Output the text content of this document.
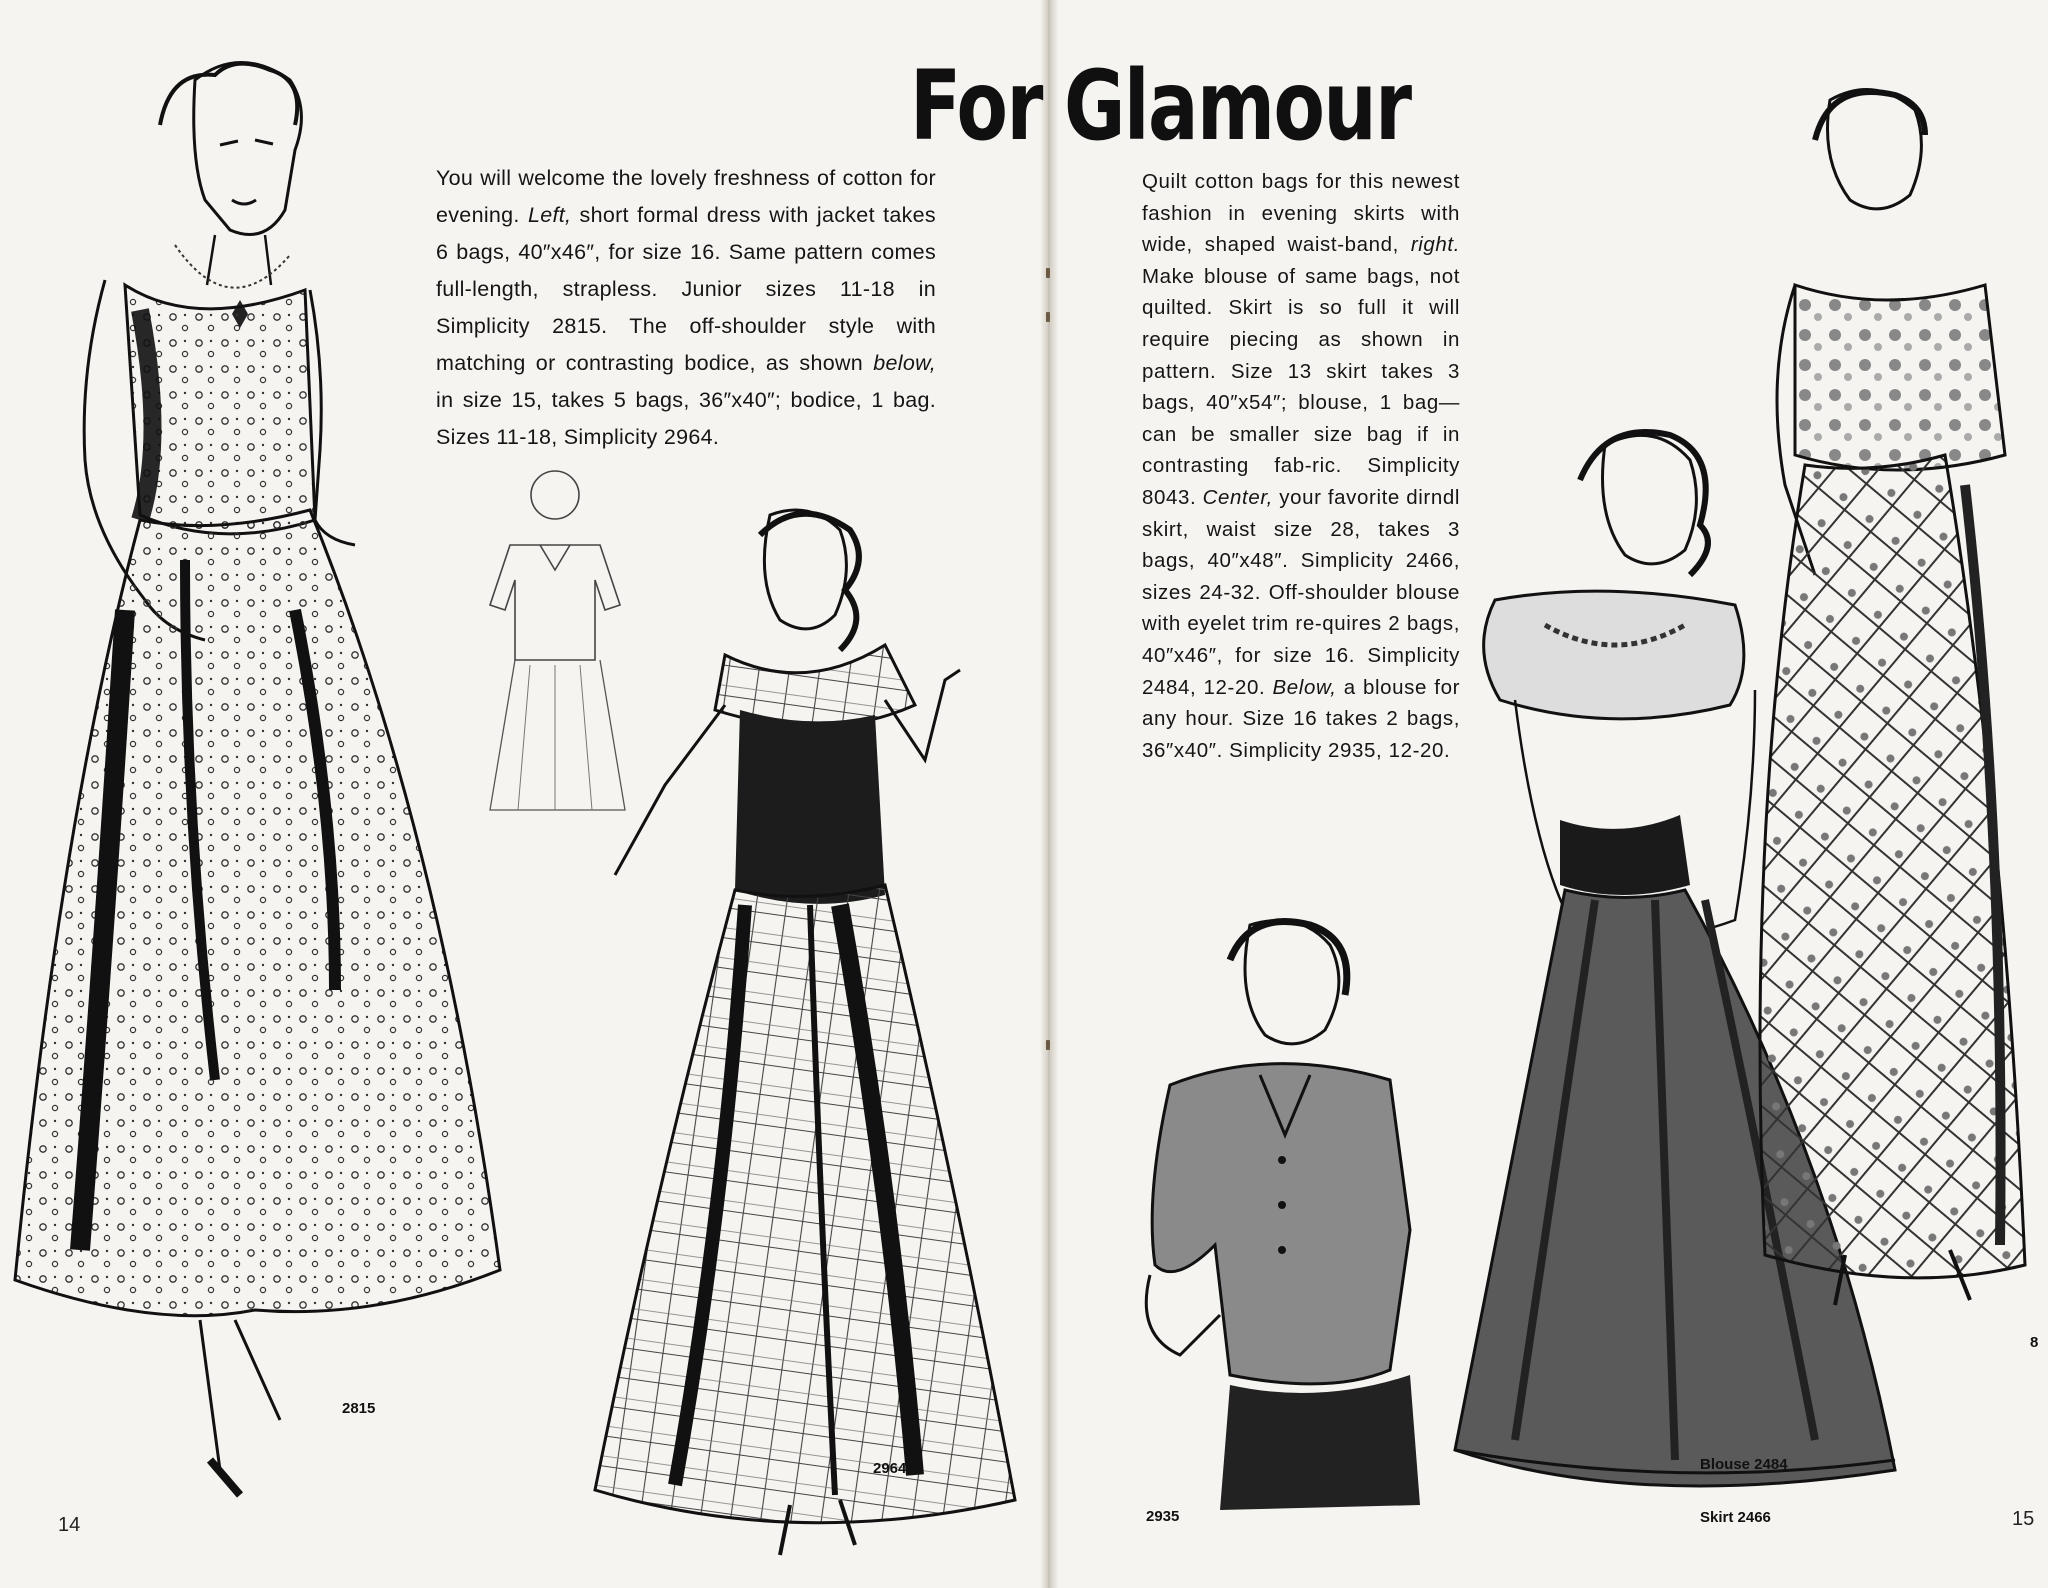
For Glamour

You will welcome the lovely freshness of cotton for evening. Left, short formal dress with jacket takes 6 bags, 40″x46″, for size 16. Same pattern comes full-length, strapless. Junior sizes 11-18 in Simplicity 2815. The off-shoulder style with matching or contrasting bodice, as shown below, in size 15, takes 5 bags, 36″x40″; bodice, 1 bag. Sizes 11-18, Simplicity 2964.

Quilt cotton bags for this newest fashion in evening skirts with wide, shaped waist-band, right. Make blouse of same bags, not quilted. Skirt is so full it will require piecing as shown in pattern. Size 13 skirt takes 3 bags, 40″x54″; blouse, 1 bag—can be smaller size bag if in contrasting fab-ric. Simplicity 8043. Center, your favorite dirndl skirt, waist size 28, takes 3 bags, 40″x48″. Simplicity 2466, sizes 24-32. Off-shoulder blouse with eyelet trim re-quires 2 bags, 40″x46″, for size 16. Simplicity 2484, 12-20. Below, a blouse for any hour. Size 16 takes 2 bags, 36″x40″. Simplicity 2935, 12-20.

2815
2964
2935
Blouse 2484
Skirt 2466
8
14	15
